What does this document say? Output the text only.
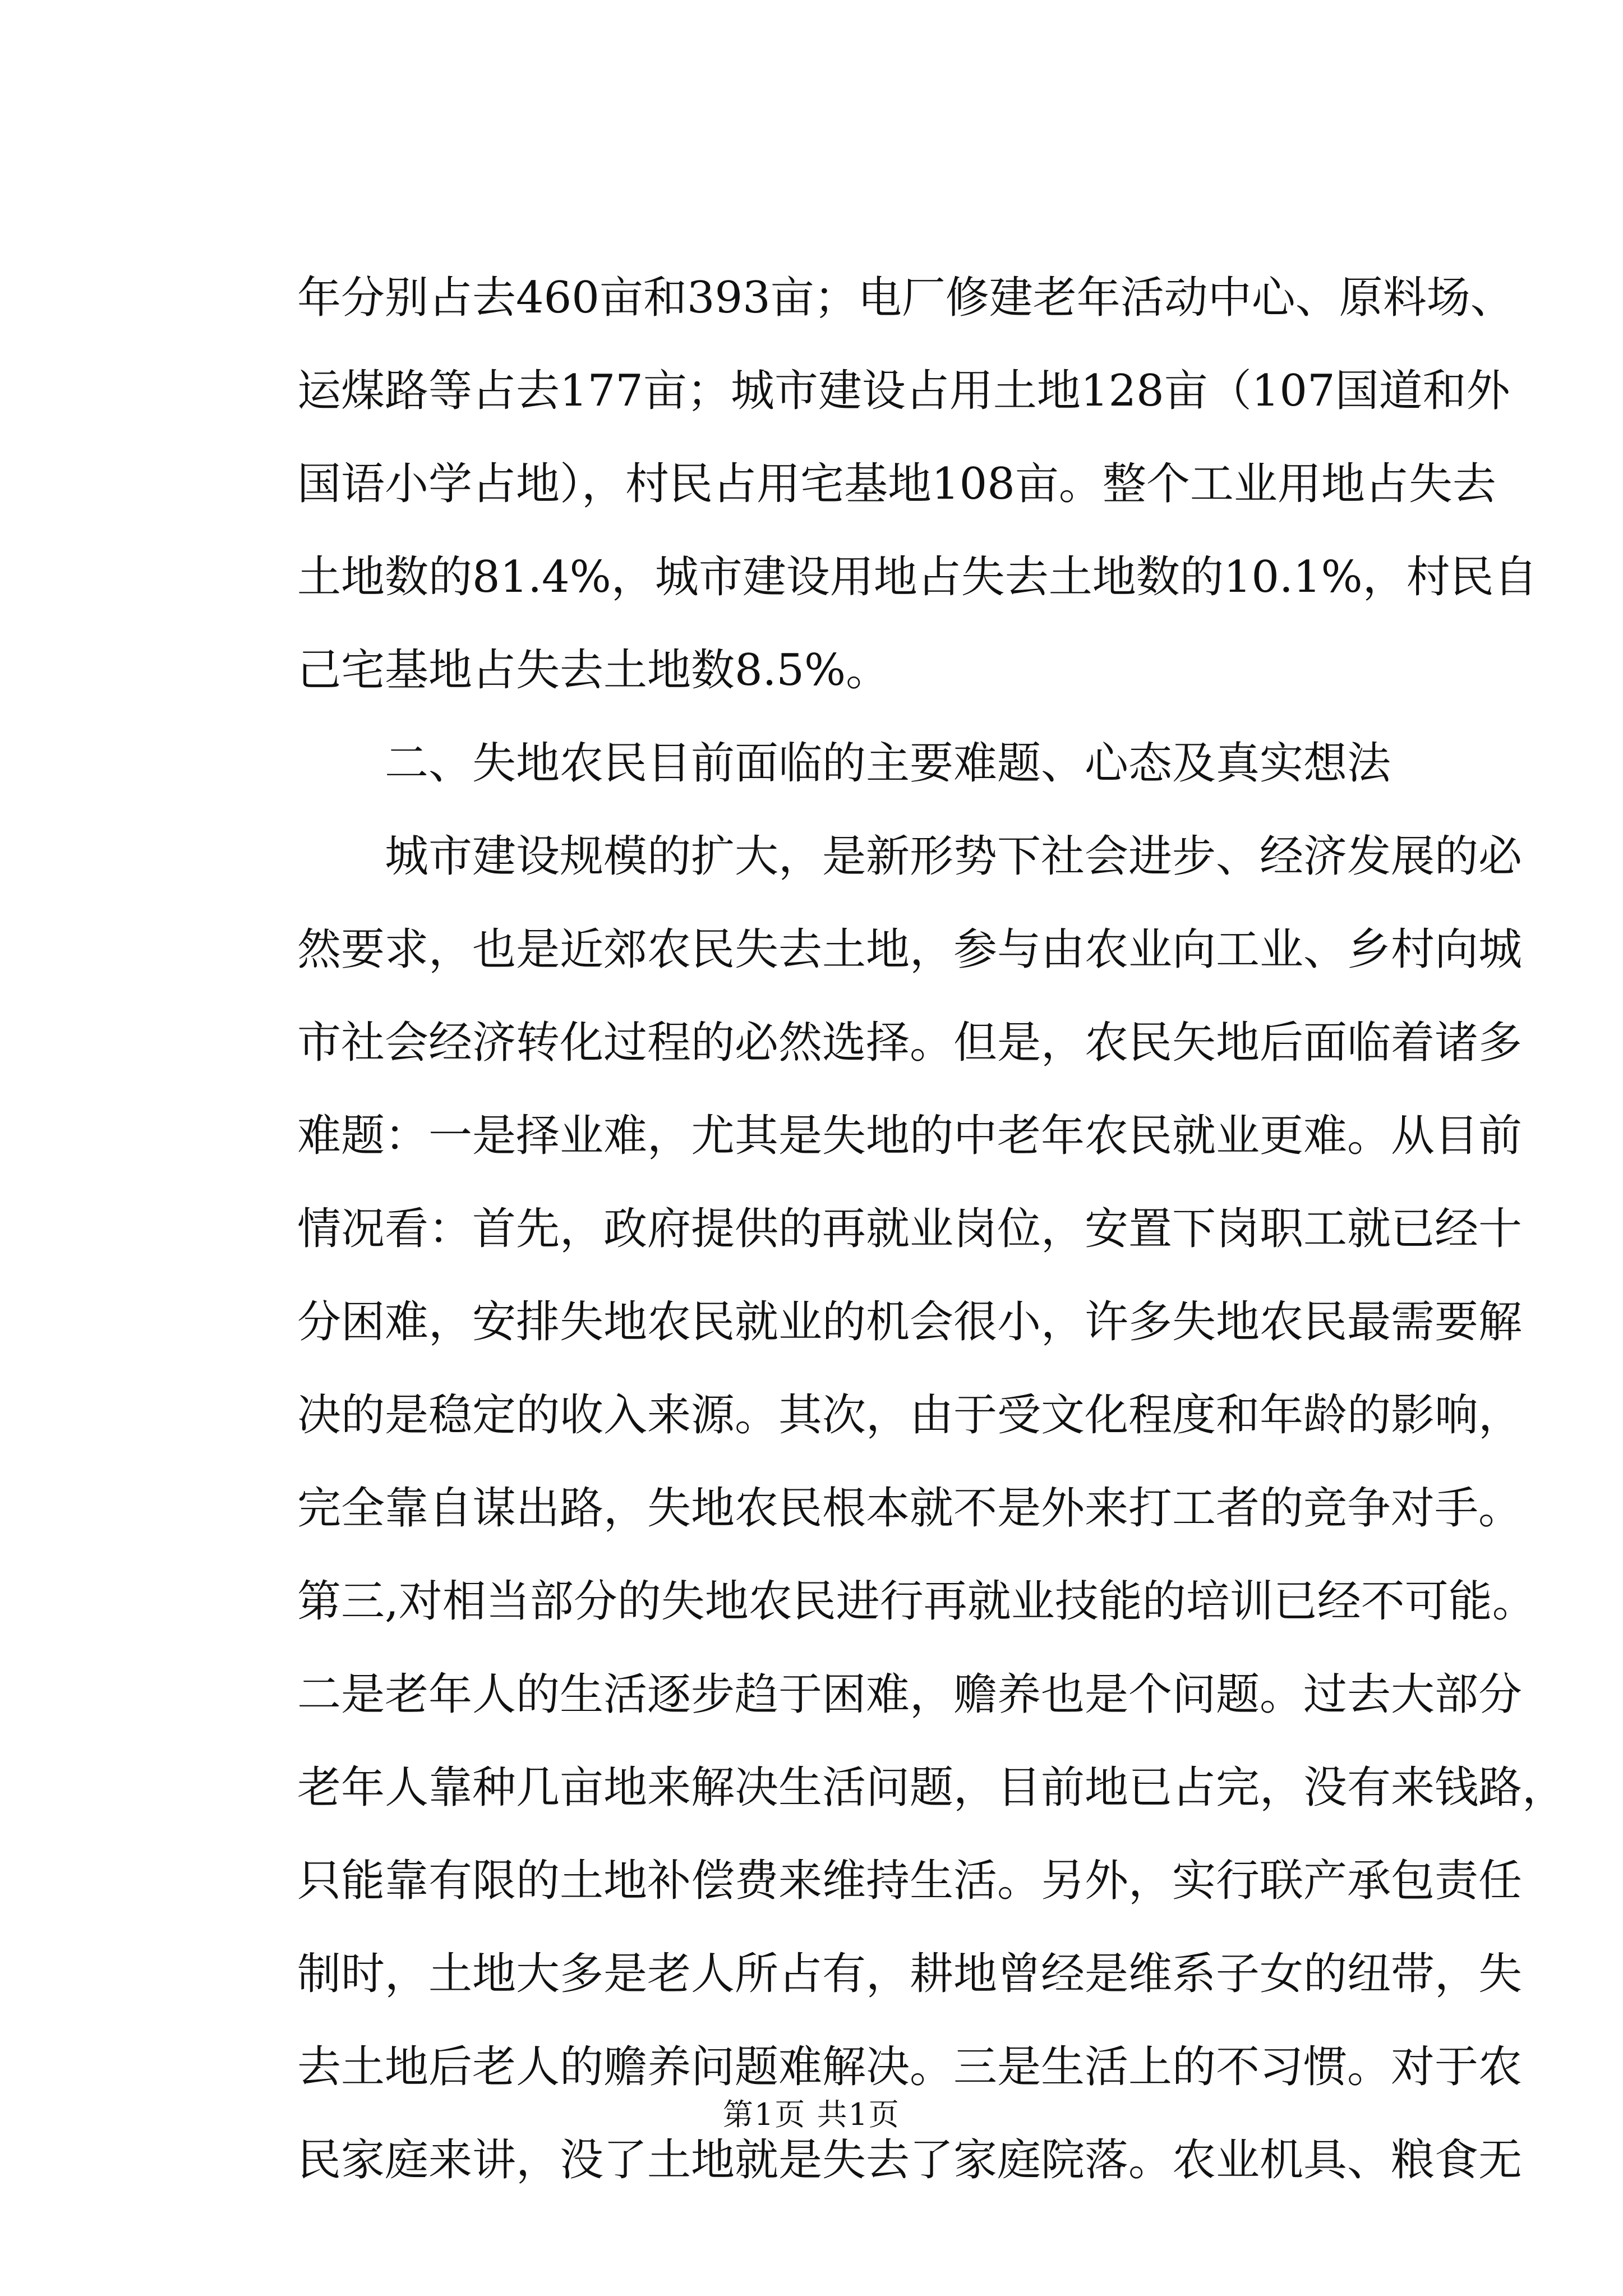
年分别占去460亩和393亩；电厂修建老年活动中心、原料场、
运煤路等占去177亩；城市建设占用土地128亩（107国道和外
国语小学占地），村民占用宅基地108亩。整个工业用地占失去
土地数的81.4%，城市建设用地占失去土地数的10.1%，村民自
己宅基地占失去土地数8.5%。
二、失地农民目前面临的主要难题、心态及真实想法
城市建设规模的扩大，是新形势下社会进步、经济发展的必
然要求，也是近郊农民失去土地，参与由农业向工业、乡村向城
市社会经济转化过程的必然选择。但是，农民矢地后面临着诸多
难题：一是择业难，尤其是失地的中老年农民就业更难。从目前
情况看：首先，政府提供的再就业岗位，安置下岗职工就已经十
分困难，安排失地农民就业的机会很小，许多失地农民最需要解
决的是稳定的收入来源。其次，由于受文化程度和年龄的影响，
完全靠自谋出路，失地农民根本就不是外来打工者的竞争对手。
第三,对相当部分的失地农民进行再就业技能的培训已经不可能。
二是老年人的生活逐步趋于困难，赡养也是个问题。过去大部分
老年人靠种几亩地来解决生活问题，目前地已占完，没有来钱路，
只能靠有限的土地补偿费来维持生活。另外，实行联产承包责任
制时，土地大多是老人所占有，耕地曾经是维系子女的纽带，失
去土地后老人的赡养问题难解决。三是生活上的不习惯。对于农
民家庭来讲，没了土地就是失去了家庭院落。农业机具、粮食无
第1页 共1页
